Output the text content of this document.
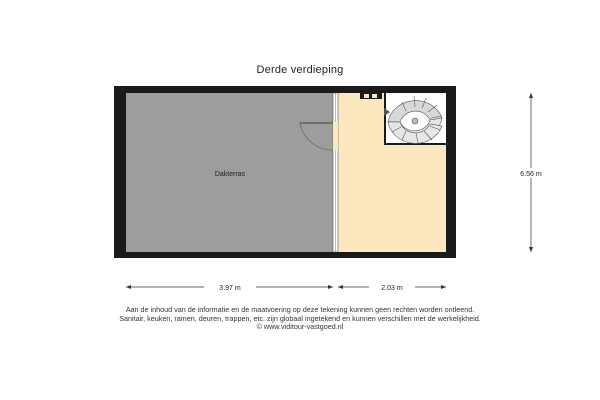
Derde verdieping
Dakterras
3.97 m	2.03 m
6.56 m
Aan de inhoud van de informatie en de maatvoering op deze tekening kunnen geen rechten worden ontleend.
Sanitair, keuken, ramen, deuren, trappen, etc. zijn globaal ingetekend en kunnen verschillen met de werkelijkheid.
© www.viditour-vastgoed.nl
